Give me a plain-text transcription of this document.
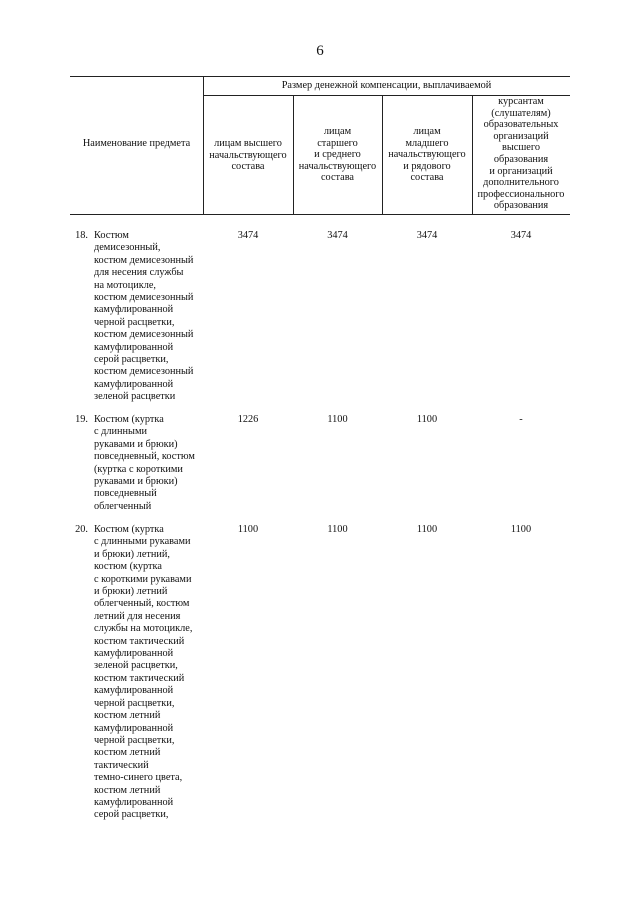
6
Наименование предмета
Размер денежной компенсации, выплачиваемой
лицам высшего
начальствующего
состава
лицам
старшего
и среднего
начальствующего
состава
лицам
младшего
начальствующего
и рядового
состава
курсантам
(слушателям)
образовательных
организаций
высшего
образования
и организаций
дополнительного
профессионального
образования
18. Костюм
демисезонный,
костюм демисезонный
для несения службы
на мотоцикле,
костюм демисезонный
камуфлированной
черной расцветки,
костюм демисезонный
камуфлированной
серой расцветки,
костюм демисезонный
камуфлированной
зеленой расцветки
3474	3474	3474	3474
19. Костюм (куртка
с длинными
рукавами и брюки)
повседневный, костюм
(куртка с короткими
рукавами и брюки)
повседневный
облегченный
1226	1100	1100	-
20. Костюм (куртка
с длинными рукавами
и брюки) летний,
костюм (куртка
с короткими рукавами
и брюки) летний
облегченный, костюм
летний для несения
службы на мотоцикле,
костюм тактический
камуфлированной
зеленой расцветки,
костюм тактический
камуфлированной
черной расцветки,
костюм летний
камуфлированной
черной расцветки,
костюм летний
тактический
темно-синего цвета,
костюм летний
камуфлированной
серой расцветки,
1100	1100	1100	1100
